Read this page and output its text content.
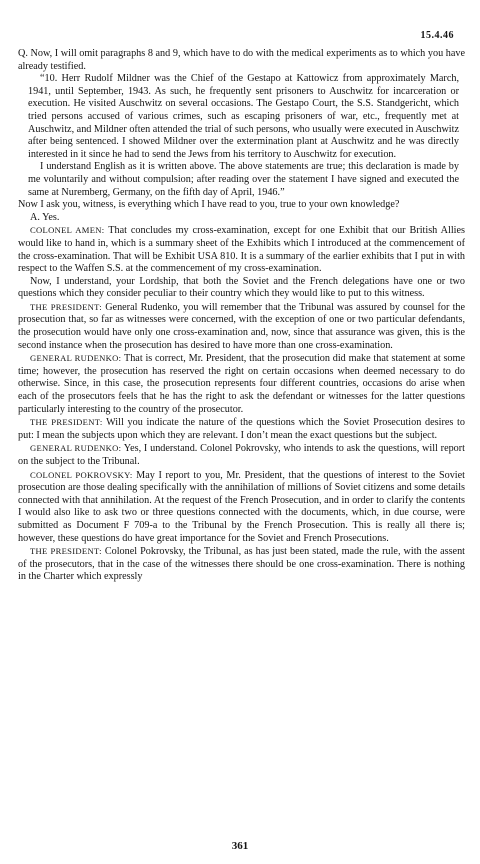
15.4.46

Q. Now, I will omit paragraphs 8 and 9, which have to do with the medical experiments as to which you have already testified.

“10. Herr Rudolf Mildner was the Chief of the Gestapo at Kattowicz from approximately March, 1941, until September, 1943. As such, he frequently sent prisoners to Auschwitz for incarceration or execution. He visited Auschwitz on several occasions. The Gestapo Court, the S.S. Standgericht, which tried persons accused of various crimes, such as escaping prisoners of war, etc., frequently met at Auschwitz, and Mildner often attended the trial of such persons, who usually were executed in Auschwitz after being sentenced. I showed Mildner over the extermination plant at Auschwitz and he was directly interested in it since he had to send the Jews from his territory to Auschwitz for execution.

I understand English as it is written above. The above statements are true; this declaration is made by me voluntarily and without compulsion; after reading over the statement I have signed and executed the same at Nuremberg, Germany, on the fifth day of April, 1946.”

Now I ask you, witness, is everything which I have read to you, true to your own knowledge?

A. Yes.

COLONEL AMEN: That concludes my cross-examination, except for one Exhibit that our British Allies would like to hand in, which is a summary sheet of the Exhibits which I introduced at the commencement of the cross-examination. That will be Exhibit USA 810. It is a summary of the earlier exhibits that I put in with respect to the Waffen S.S. at the commencement of my cross-examination.

Now, I understand, your Lordship, that both the Soviet and the French delegations have one or two questions which they consider peculiar to their country which they would like to put to this witness.

THE PRESIDENT: General Rudenko, you will remember that the Tribunal was assured by counsel for the prosecution that, so far as witnesses were concerned, with the exception of one or two particular defendants, the prosecution would have only one cross-examination and, now, since that assurance was given, this is the second instance when the prosecution has desired to have more than one cross-examination.

GENERAL RUDENKO: That is correct, Mr. President, that the prosecution did make that statement at some time; however, the prosecution has reserved the right on certain occasions when deemed necessary to do otherwise. Since, in this case, the prosecution represents four different countries, occasions do arise when each of the prosecutors feels that he has the right to ask the defendant or witnesses for the latter questions particularly interesting to the country of the prosecutor.

THE PRESIDENT: Will you indicate the nature of the questions which the Soviet Prosecution desires to put: I mean the subjects upon which they are relevant. I don’t mean the exact questions but the subject.

GENERAL RUDENKO: Yes, I understand. Colonel Pokrovsky, who intends to ask the questions, will report on the subject to the Tribunal.

COLONEL POKROVSKY: May I report to you, Mr. President, that the questions of interest to the Soviet prosecution are those dealing specifically with the annihilation of millions of Soviet citizens and some details connected with that annihilation. At the request of the French Prosecution, and in order to clarify the contents I would also like to ask two or three questions connected with the documents, which, in due course, were submitted as Document F 709-a to the Tribunal by the French Prosecution. This is really all there is; however, these questions do have great importance for the Soviet and French Prosecutions.

THE PRESIDENT: Colonel Pokrovsky, the Tribunal, as has just been stated, made the rule, with the assent of the prosecutors, that in the case of the witnesses there should be one cross-examination. There is nothing in the Charter which expressly

361
